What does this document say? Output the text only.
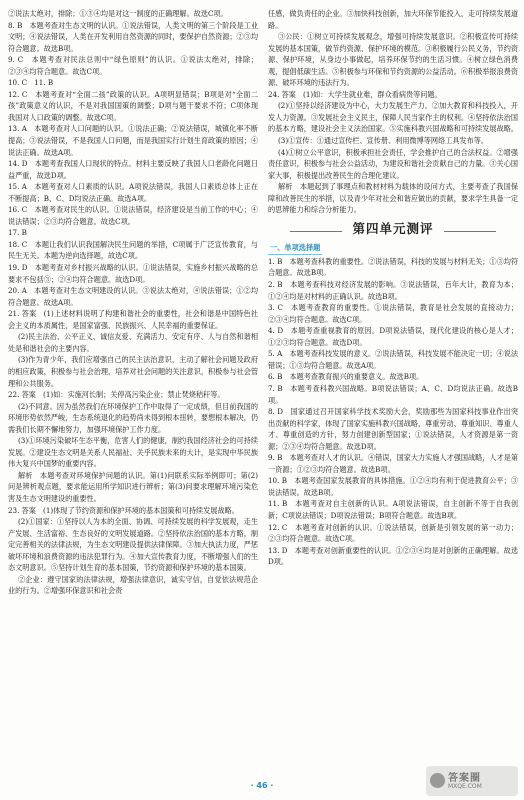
②说法太绝对，排除；①③④均是对这一制度的正确理解。故选C项。

8. B　本题考查对生态文明的认识。①说法错误，人类文明的第三个阶段是工业文明；④说法错误，人类在开发利用自然资源的同时，要保护自然资源；②③均符合题意。故选B项。

9. C　本题考查对民法总则中“绿色原则”的认识。①说法太绝对，排除；②③④均符合题意。故选C项。

10. C　11. B

12. C　本题考查对“全面二孩”政策的认识。A项明显错误；B项是对“全面二孩”政策意义的认识，不是对我国国策的调整；D项与题干要求不符；C项体现我国对人口政策的调整。故选C项。

13. A　本题考查对人口问题的认识。①说法正确；②说法错误，城镇化率不断提高；③说法错误，不是我国人口问题，而是我国实行计划生育政策的原因；④说法正确。故选A项。

14. D　本题考查我国人口现状的特点。材料主要反映了我国人口老龄化问题日益严重，故选D项。

15. A　本题考查对人口素质的认识。A项说法错误，我国人口素质总体上正在不断提高；B、C、D均说法正确。故选A项。

16. C　本题考查对民生的认识。①说法错误，经济建设是当前工作的中心；④说法错误；②③均符合题意。故选C项。

17. B

18. C　本题让我们认识我国解决民生问题的举措，C项属于广泛宣传教育，与民生无关。本题为逆向选择题，故选C项。

19. D　本题考查对乡村振兴战略的认识。①说法错误，实施乡村振兴战略的总要求不包括③；②④均符合题意。故选D项。

20. A　本题考查对生态文明建设的认识。③说法太绝对，④说法错误；①②均符合题意。故选A项。

21. 答案　(1)上述材料说明了构建和谐社会的重要性，社会和谐是中国特色社会主义的本质属性，是国家富强、民族振兴、人民幸福的重要保证。

(2)民主法治、公平正义、诚信友爱、充满活力、安定有序、人与自然和谐相处是和谐社会的主要内容。

(3)作为青少年，我们应增强自己的民主法治意识，主动了解社会问题及政府的相应政策，积极参与社会治理，培养对社会问题的关注意识，积极参与社会管理和公共服务。

22. 答案　(1)如：实施河长制；关停高污染企业；禁止焚烧秸秆等。

(2)不同意。因为虽然我们在环境保护工作中取得了一定成绩，但目前我国的环境形势依然严峻，生态系统退化的趋势尚未得到根本扭转，要想根本解决，仍需我们长期不懈地努力，加强环境保护工作力度。

(3)①环境污染破坏生态平衡，危害人们的健康，制约我国经济社会的可持续发展。②建设生态文明是关系人民福祉、关乎民族未来的大计，是实现中华民族伟大复兴中国梦的重要内容。

解析　本题考查对环境保护问题的认识。第(1)问联系实际举例即可；第(2)问是辨析观点题，要求能运用所学知识进行辨析；第(3)问要求理解环境污染危害及生态文明建设的重要性。

23. 答案　(1)体现了节约资源和保护环境的基本国策和可持续发展战略。

(2)①国家：①坚持以人为本的全面、协调、可持续发展的科学发展观，走生产发展、生活富裕、生态良好的文明发展道路。②坚持依法治国的基本方略，制定完善相关的法律法规，为生态文明建设提供法律保障。③加大执法力度，严惩破坏环境和浪费资源的违法犯罪行为。④加大宣传教育力度，不断增强人们的生态文明意识。⑤坚持计划生育的基本国策，节约资源和保护环境的基本国策。

②企业：遵守国家的法律法规，增强法律意识，诚实守信，自觉依法规范企业的行为。②增强环保意识和社会责

任感，做负责任的企业。③加快科技创新，加大环保节能投入，走可持续发展道路。

③公民：①树立可持续发展观念，增强可持续发展意识。②积极宣传可持续发展的基本国策，做节约资源、保护环境的模范。③积极履行公民义务，节约资源、保护环境，从身边小事做起，培养环保节约的生活习惯。④树立绿色消费观，提倡低碳生活。⑤积极参与环保和节约资源的公益活动。⑥积极举报浪费资源、破坏环境的违法行为。

24. 答案　(1)如：大学生就业难，群众看病贵等问题。

(2)①坚持以经济建设为中心，大力发展生产力。②加大教育和科技投入，开发人力资源。③发展社会主义民主，保障人民当家作主的权利。④坚持依法治国的基本方略，建设社会主义法治国家。⑤实施科教兴国战略和可持续发展战略。

(3)①宣传：①通过宣传栏、宣传册、利用微博等网络工具发布等。

(4)①树立公平意识，积极承担社会责任，学会推护自己的合法权益。②增强责任意识，积极参与社会公益活动，为建设和谐社会贡献自己的力量。③关心国家大事，积极提出改善民生的合理化建议。

解析　本题起到了事理点和教材材料为载体的设问方式，主要考查了我国保障和改善民生的举措，以及青少年对社会和谐应做出的贡献，要求学生具备一定的思辨能力和综合分析能力。

第四单元测评
一、单项选择题

1. B　本题考查科教的重要性。②说法错误，科技的发展与材料无关；①③均符合题意。故选B项。

2. B　本题考查科技对经济发展的影响。③说法错误，百年大计，教育为本；①②④均是对材料的正确认识。故选B项。

3. C　本题考查教育的重要性。①说法错误，教育是社会发展的直接动力；②③④均符合题意。故选C项。

4. D　本题考查重视教育的原因。D项说法错误，现代化建设的核心是人才；①②③均符合题意。故选D项。

5. A　本题考查科技发展的意义。②说法错误，科技发展不能决定一切；④说法错误；①③均符合题意。故选A项。

6. B　本题考查教育振兴的重要意义。故选B项。

7. B　本题考查科教兴国战略。B项说法错误；A、C、D均说法正确。故选B项。

8. D　国家通过召开国家科学技术奖励大会，奖励那些为国家科技事业作出突出贡献的科学家，体现了国家实施科教兴国战略，尊重劳动、尊重知识、尊重人才、尊重创造的方针，努力创建创新型国家；①说法错误，人才资源是第一资源；②③④均符合题意。故选D项。

9. B　本题考查对人才的认识。④错误，国家大力实施人才强国战略，人才是第一资源；①②③均符合题意。故选B项。

10. B　本题考查国家发展教育的具体措施。①②④均有利于促进教育公平；③说法错误。故选B项。

11. B　本题考查对自主创新的认识。A项说法错误，自主创新不等于自我创新；C项说法错误；D项说法错误；B项符合题意。故选B项。

12. C　本题考查对创新的认识。①说法错误，创新是引领发展的第一动力；②③均符合题意。故选C项。

13. D　本题考查对创新重要性的认识。①②③④均是对创新的正确理解。故选D项。

· 46 ·
答案圈
MXQE.COM
